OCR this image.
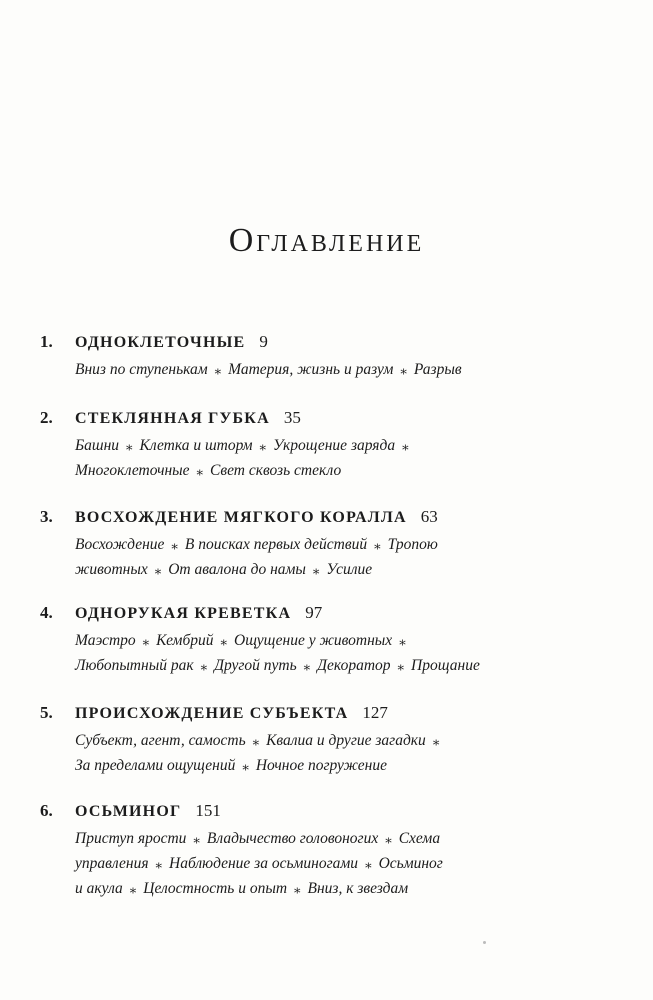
Оглавление
1. ОДНОКЛЕТОЧНЫЕ 9
Вниз по ступенькам ⁎ Материя, жизнь и разум ⁎ Разрыв
2. СТЕКЛЯННАЯ ГУБКА 35
Башни ⁎ Клетка и шторм ⁎ Укрощение заряда ⁎
Многоклеточные ⁎ Свет сквозь стекло
3. ВОСХОЖДЕНИЕ МЯГКОГО КОРАЛЛА 63
Восхождение ⁎ В поисках первых действий ⁎ Тропою
животных ⁎ От авалона до намы ⁎ Усилие
4. ОДНОРУКАЯ КРЕВЕТКА 97
Маэстро ⁎ Кембрий ⁎ Ощущение у животных ⁎
Любопытный рак ⁎ Другой путь ⁎ Декоратор ⁎ Прощание
5. ПРОИСХОЖДЕНИЕ СУБЪЕКТА 127
Субъект, агент, самость ⁎ Квалиа и другие загадки ⁎
За пределами ощущений ⁎ Ночное погружение
6. ОСЬМИНОГ 151
Приступ ярости ⁎ Владычество головоногих ⁎ Схема
управления ⁎ Наблюдение за осьминогами ⁎ Осьминог
и акула ⁎ Целостность и опыт ⁎ Вниз, к звездам
